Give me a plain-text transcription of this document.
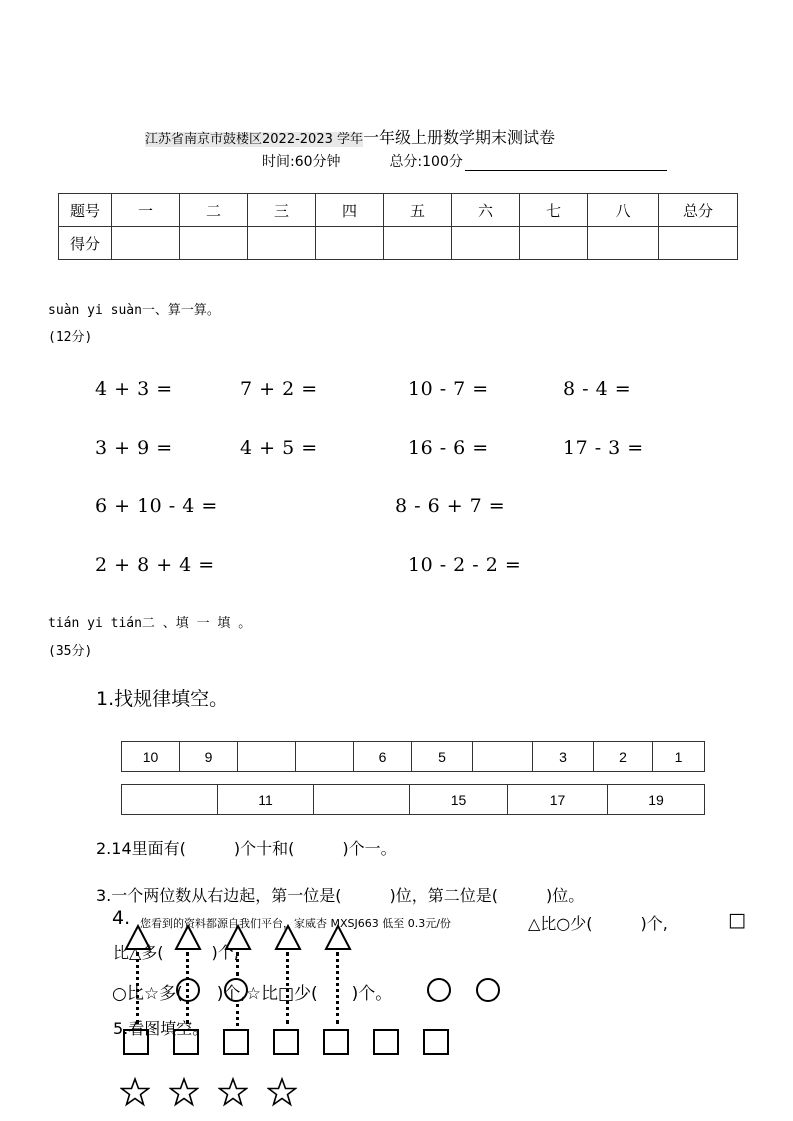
江苏省南京市鼓楼区2022-2023 学年一年级上册数学期末测试卷
时间:60分钟	总分:100分
题号	一	二	三	四	五	六	七	八	总分
得分									
suàn yi suàn一、算一算。
(12分)
4 + 3 =	7 + 2 =	10 - 7 =	8 - 4 =
3 + 9 =	4 + 5 =	16 - 6 =	17 - 3 =
6 + 10 - 4 =	8 - 6 + 7 =
2 + 8 + 4 =	10 - 2 - 2 =
tián yi tián二 、填 一 填 。
(35分)
1.找规律填空。
10	9			6	5		3	2	1
	11		15	17	19
2.14里面有(　　　)个十和(　　　)个一。
3.一个两位数从右边起，第一位是(　　　)位，第二位是(　　　)位。
4. 您看到的资料都源自我们平台，家威杏 MXSJ663 低至 0.3元/份	△比○少(　　　)个,	□
比△多(　　　)个,
○比☆多(　　)个,☆比□少(　　)个。
5.看图填空。
